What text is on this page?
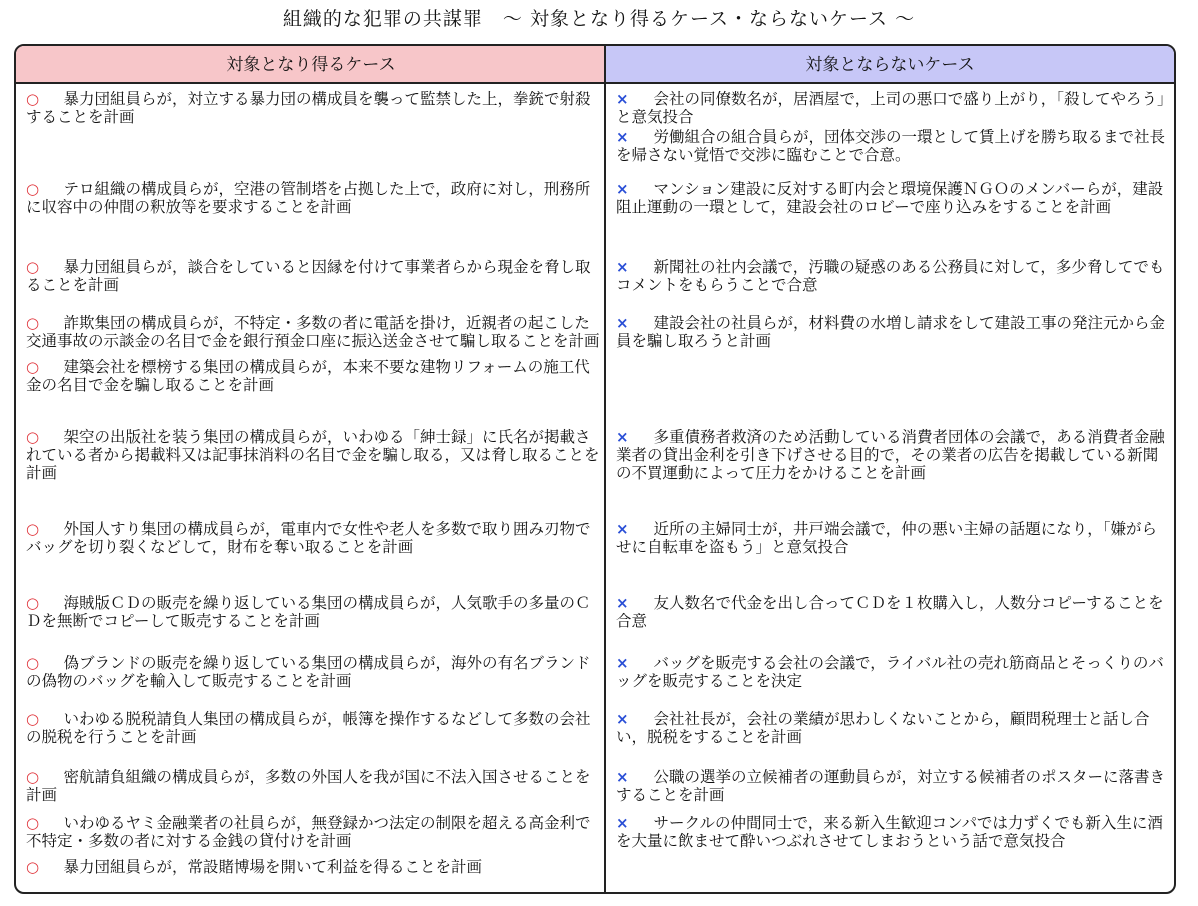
組織的な犯罪の共謀罪　～ 対象となり得るケース・ならないケース ～
対象となり得るケース	対象とならないケース
○　暴力団組員らが，対立する暴力団の構成員を襲って監禁した上，拳銃で射殺することを計画
×　会社の同僚数名が，居酒屋で，上司の悪口で盛り上がり，「殺してやろう」と意気投合
×　労働組合の組合員らが，団体交渉の一環として賃上げを勝ち取るまで社長を帰さない覚悟で交渉に臨むことで合意。
○　テロ組織の構成員らが，空港の管制塔を占拠した上で，政府に対し，刑務所に収容中の仲間の釈放等を要求することを計画
×　マンション建設に反対する町内会と環境保護ＮＧＯのメンバーらが，建設阻止運動の一環として，建設会社のロビーで座り込みをすることを計画
○　暴力団組員らが，談合をしていると因縁を付けて事業者らから現金を脅し取ることを計画
×　新聞社の社内会議で，汚職の疑惑のある公務員に対して，多少脅してでもコメントをもらうことで合意
○　詐欺集団の構成員らが，不特定・多数の者に電話を掛け，近親者の起こした交通事故の示談金の名目で金を銀行預金口座に振込送金させて騙し取ることを計画
○　建築会社を標榜する集団の構成員らが，本来不要な建物リフォームの施工代金の名目で金を騙し取ることを計画
×　建設会社の社員らが，材料費の水増し請求をして建設工事の発注元から金員を騙し取ろうと計画
○　架空の出版社を装う集団の構成員らが，いわゆる「紳士録」に氏名が掲載されている者から掲載料又は記事抹消料の名目で金を騙し取る，又は脅し取ることを計画
×　多重債務者救済のため活動している消費者団体の会議で，ある消費者金融業者の貸出金利を引き下げさせる目的で，その業者の広告を掲載している新聞の不買運動によって圧力をかけることを計画
○　外国人すり集団の構成員らが，電車内で女性や老人を多数で取り囲み刃物でバッグを切り裂くなどして，財布を奪い取ることを計画
×　近所の主婦同士が，井戸端会議で，仲の悪い主婦の話題になり，「嫌がらせに自転車を盗もう」と意気投合
○　海賊版ＣＤの販売を繰り返している集団の構成員らが，人気歌手の多量のＣＤを無断でコピーして販売することを計画
×　友人数名で代金を出し合ってＣＤを１枚購入し，人数分コピーすることを合意
○　偽ブランドの販売を繰り返している集団の構成員らが，海外の有名ブランドの偽物のバッグを輸入して販売することを計画
×　バッグを販売する会社の会議で，ライバル社の売れ筋商品とそっくりのバッグを販売することを決定
○　いわゆる脱税請負人集団の構成員らが，帳簿を操作するなどして多数の会社の脱税を行うことを計画
×　会社社長が，会社の業績が思わしくないことから，顧問税理士と話し合い，脱税をすることを計画
○　密航請負組織の構成員らが，多数の外国人を我が国に不法入国させることを計画
×　公職の選挙の立候補者の運動員らが，対立する候補者のポスターに落書きすることを計画
○　いわゆるヤミ金融業者の社員らが，無登録かつ法定の制限を超える高金利で不特定・多数の者に対する金銭の貸付けを計画
○　暴力団組員らが，常設賭博場を開いて利益を得ることを計画
×　サークルの仲間同士で，来る新入生歓迎コンパでは力ずくでも新入生に酒を大量に飲ませて酔いつぶれさせてしまおうという話で意気投合
